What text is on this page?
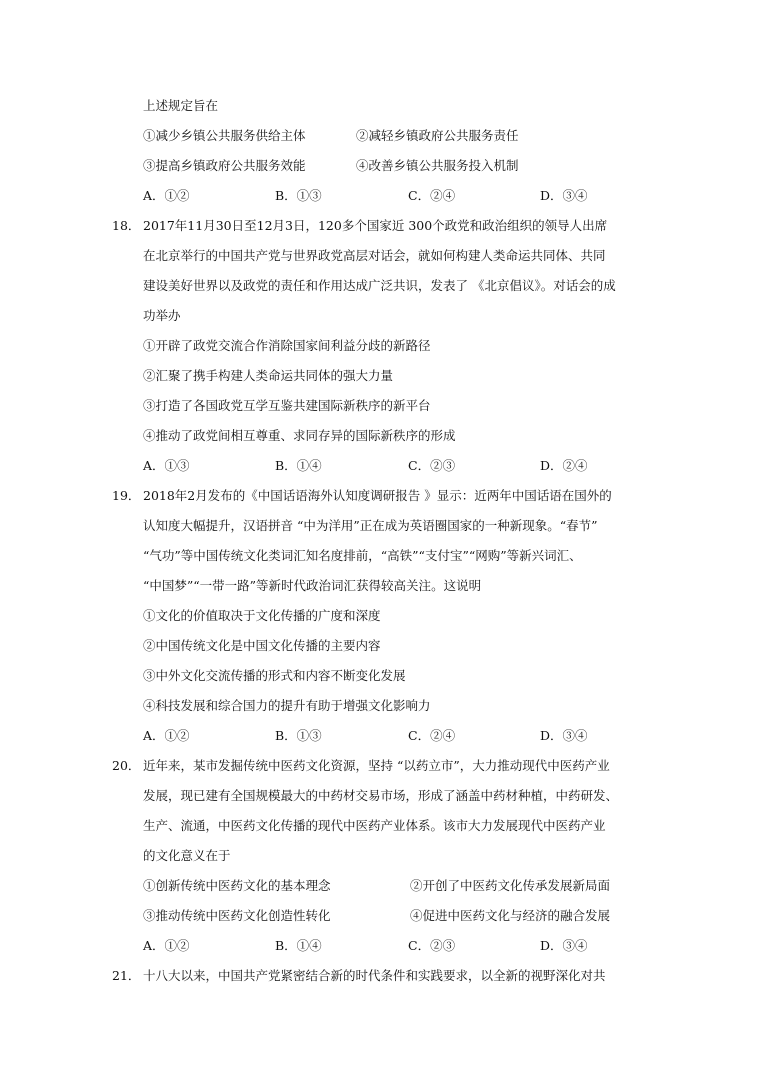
上述规定旨在
①减少乡镇公共服务供给主体	②减轻乡镇政府公共服务责任
③提高乡镇政府公共服务效能	④改善乡镇公共服务投入机制
A．①②	B．①③	C．②④	D．③④
18． 2017年11月30日至12月3日，120多个国家近 300个政党和政治组织的领导人出席
在北京举行的中国共产党与世界政党高层对话会，就如何构建人类命运共同体、共同
建设美好世界以及政党的责任和作用达成广泛共识，发表了 《北京倡议》。对话会的成
功举办
①开辟了政党交流合作消除国家间利益分歧的新路径
②汇聚了携手构建人类命运共同体的强大力量
③打造了各国政党互学互鉴共建国际新秩序的新平台
④推动了政党间相互尊重、求同存异的国际新秩序的形成
A．①③	B．①④	C．②③	D．②④
19． 2018年2月发布的《中国话语海外认知度调研报告 》显示：近两年中国话语在国外的
认知度大幅提升，汉语拼音 “中为洋用”正在成为英语圈国家的一种新现象。“春节”
“气功”等中国传统文化类词汇知名度排前，“高铁”“支付宝”“网购”等新兴词汇、
“中国梦”“一带一路”等新时代政治词汇获得较高关注。这说明
①文化的价值取决于文化传播的广度和深度
②中国传统文化是中国文化传播的主要内容
③中外文化交流传播的形式和内容不断变化发展
④科技发展和综合国力的提升有助于增强文化影响力
A．①②	B．①③	C．②④	D．③④
20． 近年来，某市发掘传统中医药文化资源，坚持 “以药立市”，大力推动现代中医药产业
发展，现已建有全国规模最大的中药材交易市场，形成了涵盖中药材种植，中药研发、
生产、流通，中医药文化传播的现代中医药产业体系。该市大力发展现代中医药产业
的文化意义在于
①创新传统中医药文化的基本理念	②开创了中医药文化传承发展新局面
③推动传统中医药文化创造性转化	④促进中医药文化与经济的融合发展
A．①②	B．①④	C．②③	D．③④
21． 十八大以来，中国共产党紧密结合新的时代条件和实践要求，以全新的视野深化对共
